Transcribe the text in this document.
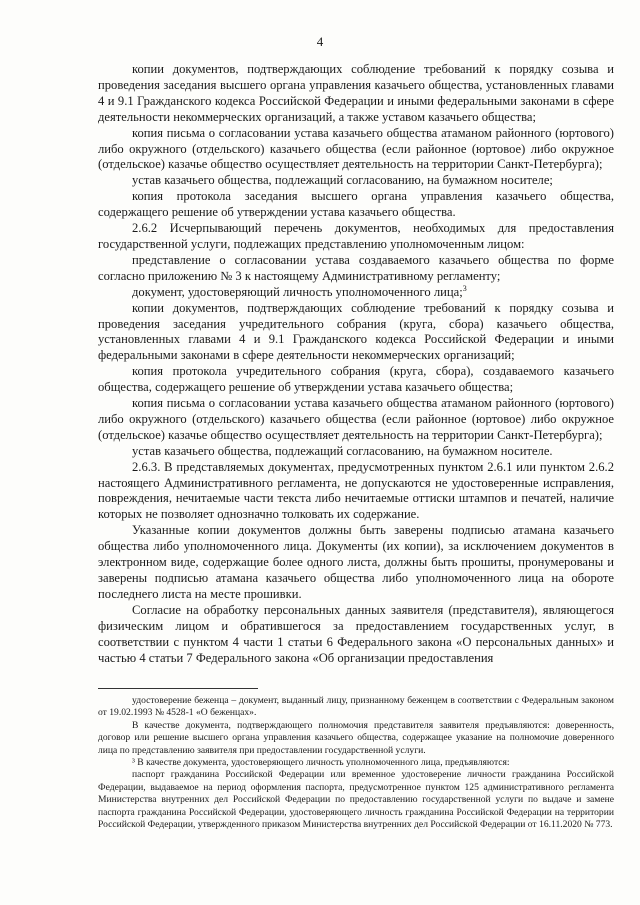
4

копии документов, подтверждающих соблюдение требований к порядку созыва и проведения заседания высшего органа управления казачьего общества, установленных главами 4 и 9.1 Гражданского кодекса Российской Федерации и иными федеральными законами в сфере деятельности некоммерческих организаций, а также уставом казачьего общества;

копия письма о согласовании устава казачьего общества атаманом районного (юртового) либо окружного (отдельского) казачьего общества (если районное (юртовое) либо окружное (отдельское) казачье общество осуществляет деятельность на территории Санкт-Петербурга);

устав казачьего общества, подлежащий согласованию, на бумажном носителе;

копия протокола заседания высшего органа управления казачьего общества, содержащего решение об утверждении устава казачьего общества.

2.6.2 Исчерпывающий перечень документов, необходимых для предоставления государственной услуги, подлежащих представлению уполномоченным лицом:

представление о согласовании устава создаваемого казачьего общества по форме согласно приложению № 3 к настоящему Административному регламенту;

документ, удостоверяющий личность уполномоченного лица;$^3$

копии документов, подтверждающих соблюдение требований к порядку созыва и проведения заседания учредительного собрания (круга, сбора) казачьего общества, установленных главами 4 и 9.1 Гражданского кодекса Российской Федерации и иными федеральными законами в сфере деятельности некоммерческих организаций;

копия протокола учредительного собрания (круга, сбора), создаваемого казачьего общества, содержащего решение об утверждении устава казачьего общества;

копия письма о согласовании устава казачьего общества атаманом районного (юртового) либо окружного (отдельского) казачьего общества (если районное (юртовое) либо окружное (отдельское) казачье общество осуществляет деятельность на территории Санкт-Петербурга);

устав казачьего общества, подлежащий согласованию, на бумажном носителе.

2.6.3. В представляемых документах, предусмотренных пунктом 2.6.1 или пунктом 2.6.2 настоящего Административного регламента, не допускаются не удостоверенные исправления, повреждения, нечитаемые части текста либо нечитаемые оттиски штампов и печатей, наличие которых не позволяет однозначно толковать их содержание.

Указанные копии документов должны быть заверены подписью атамана казачьего общества либо уполномоченного лица. Документы (их копии), за исключением документов в электронном виде, содержащие более одного листа, должны быть прошиты, пронумерованы и заверены подписью атамана казачьего общества либо уполномоченного лица на обороте последнего листа на месте прошивки.

Согласие на обработку персональных данных заявителя (представителя), являющегося физическим лицом и обратившегося за предоставлением государственных услуг, в соответствии с пунктом 4 части 1 статьи 6 Федерального закона «О персональных данных» и частью 4 статьи 7 Федерального закона «Об организации предоставления

удостоверение беженца – документ, выданный лицу, признанному беженцем в соответствии с Федеральным законом от 19.02.1993 № 4528-1 «О беженцах».

В качестве документа, подтверждающего полномочия представителя заявителя предъявляются: доверенность, договор или решение высшего органа управления казачьего общества, содержащее указание на полномочие доверенного лица по представлению заявителя при предоставлении государственной услуги.

³ В качестве документа, удостоверяющего личность уполномоченного лица, предъявляются:

паспорт гражданина Российской Федерации или временное удостоверение личности гражданина Российской Федерации, выдаваемое на период оформления паспорта, предусмотренное пунктом 125 административного регламента Министерства внутренних дел Российской Федерации по предоставлению государственной услуги по выдаче и замене паспорта гражданина Российской Федерации, удостоверяющего личность гражданина Российской Федерации на территории Российской Федерации, утвержденного приказом Министерства внутренних дел Российской Федерации от 16.11.2020 № 773.
